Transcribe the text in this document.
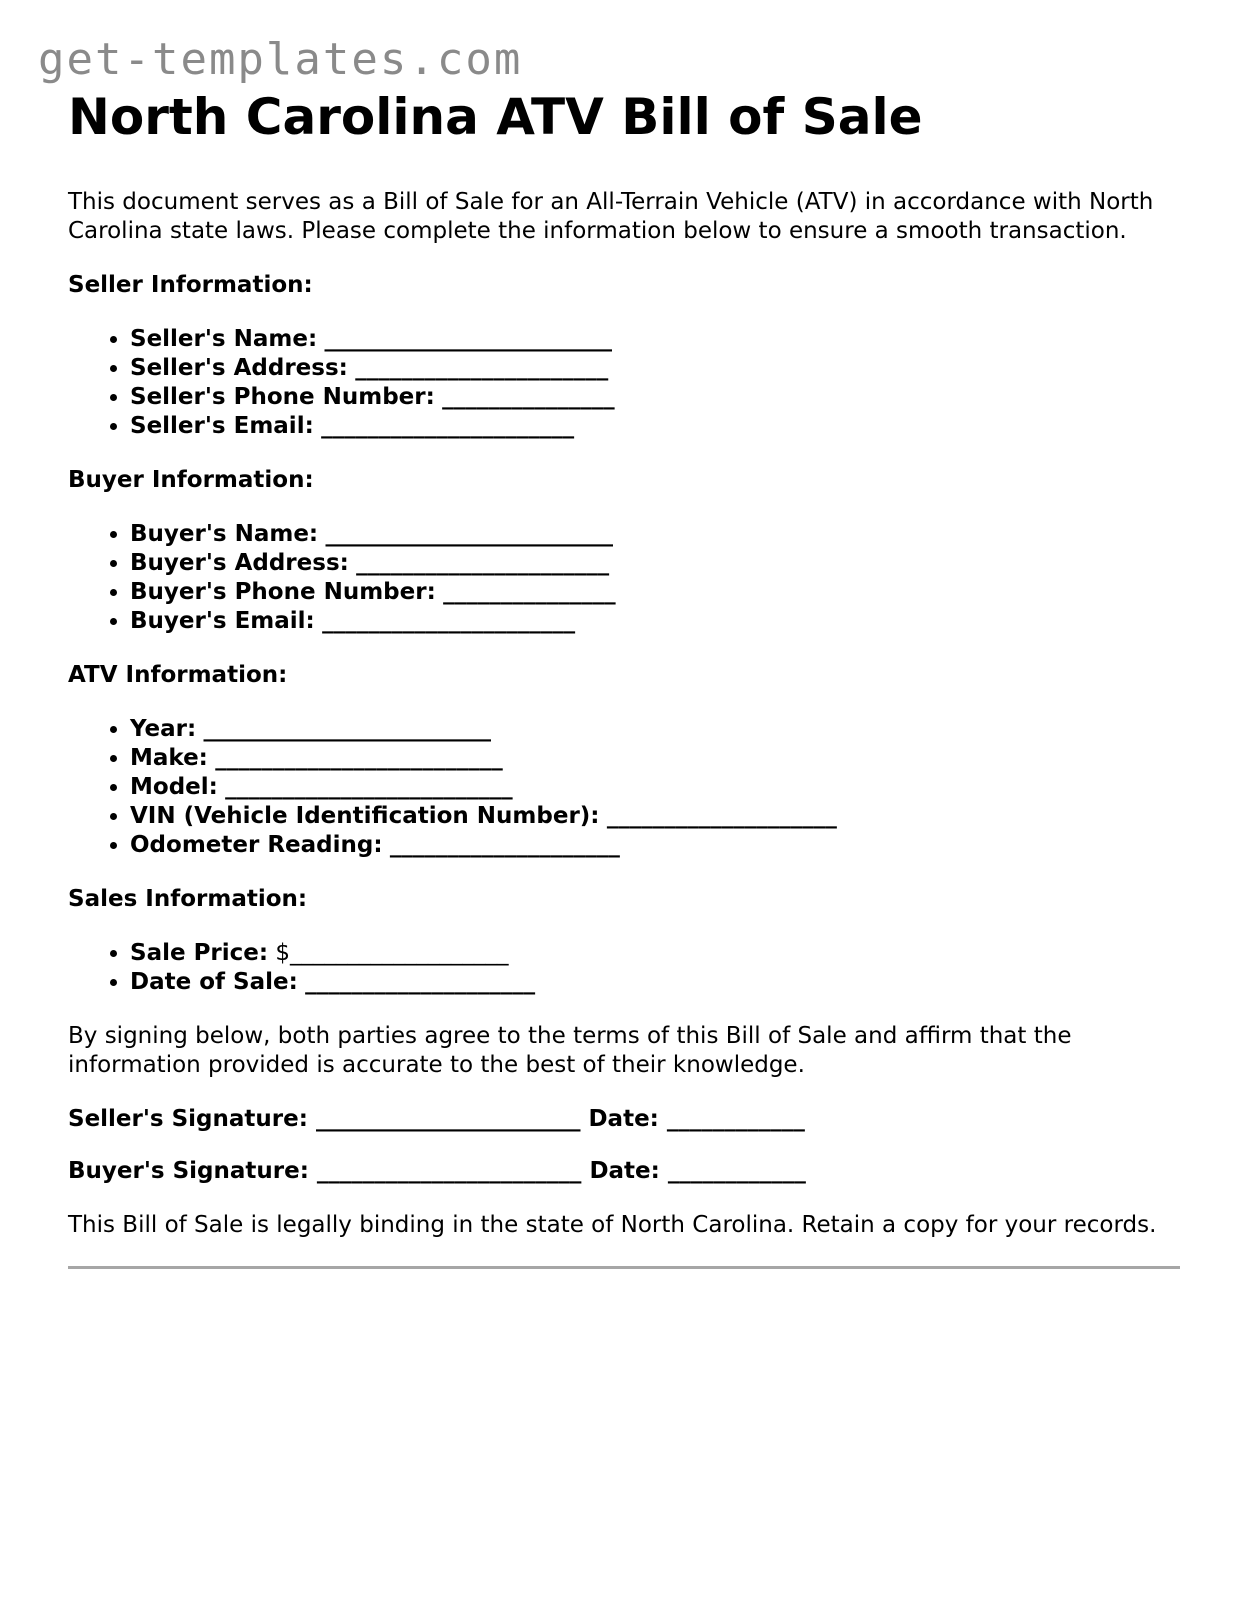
get-templates.com
North Carolina ATV Bill of Sale

This document serves as a Bill of Sale for an All-Terrain Vehicle (ATV) in accordance with North Carolina state laws. Please complete the information below to ensure a smooth transaction.

Seller Information:
• Seller's Name: _________________________
• Seller's Address: ______________________
• Seller's Phone Number: _______________
• Seller's Email: ______________________
Buyer Information:
• Buyer's Name: _________________________
• Buyer's Address: ______________________
• Buyer's Phone Number: _______________
• Buyer's Email: ______________________
ATV Information:
• Year: _________________________
• Make: _________________________
• Model: _________________________
• VIN (Vehicle Identification Number): ____________________
• Odometer Reading: ____________________
Sales Information:
• Sale Price: $___________________
• Date of Sale: ____________________

By signing below, both parties agree to the terms of this Bill of Sale and affirm that the information provided is accurate to the best of their knowledge.

Seller's Signature: _______________________ Date: ____________
Buyer's Signature: _______________________ Date: ____________

This Bill of Sale is legally binding in the state of North Carolina. Retain a copy for your records.
